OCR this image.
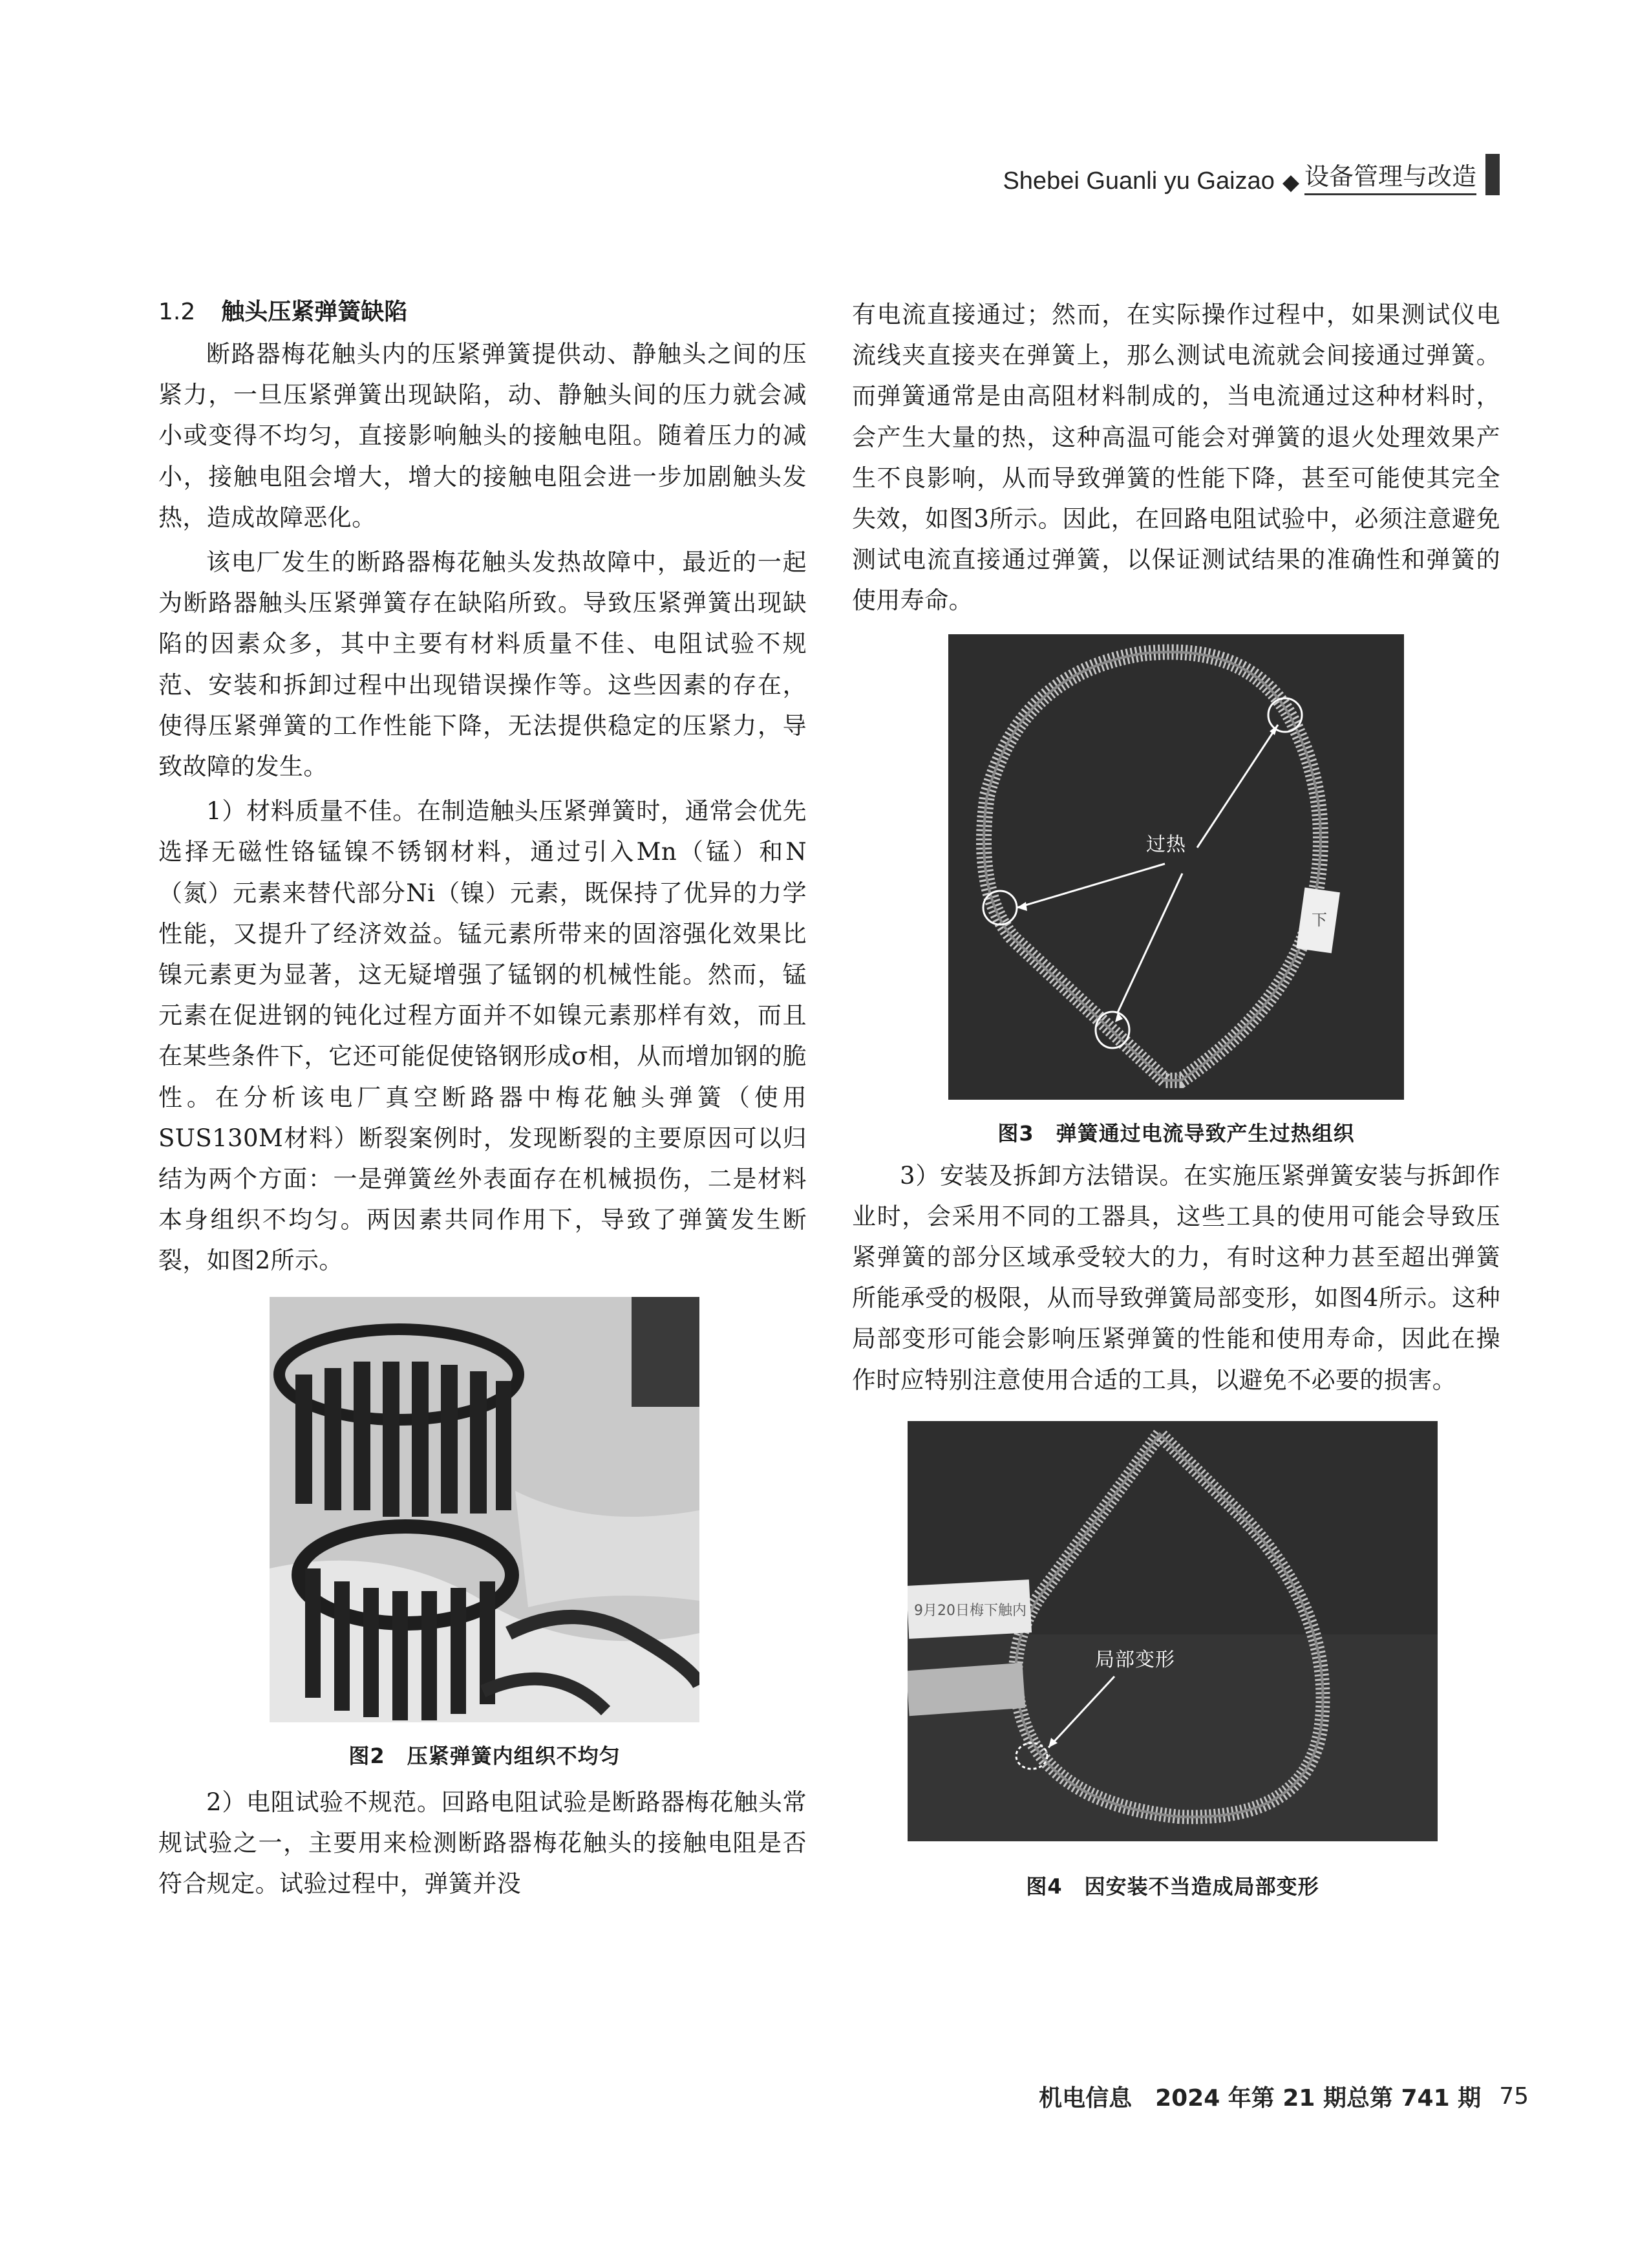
Shebei Guanli yu Gaizao ◆ 设备管理与改造
1.2 触头压紧弹簧缺陷

断路器梅花触头内的压紧弹簧提供动、静触头之间的压紧力，一旦压紧弹簧出现缺陷，动、静触头间的压力就会减小或变得不均匀，直接影响触头的接触电阻。随着压力的减小，接触电阻会增大，增大的接触电阻会进一步加剧触头发热，造成故障恶化。

该电厂发生的断路器梅花触头发热故障中，最近的一起为断路器触头压紧弹簧存在缺陷所致。导致压紧弹簧出现缺陷的因素众多，其中主要有材料质量不佳、电阻试验不规范、安装和拆卸过程中出现错误操作等。这些因素的存在，使得压紧弹簧的工作性能下降，无法提供稳定的压紧力，导致故障的发生。

1）材料质量不佳。在制造触头压紧弹簧时，通常会优先选择无磁性铬锰镍不锈钢材料，通过引入Mn（锰）和N（氮）元素来替代部分Ni（镍）元素，既保持了优异的力学性能，又提升了经济效益。锰元素所带来的固溶强化效果比镍元素更为显著，这无疑增强了锰钢的机械性能。然而，锰元素在促进钢的钝化过程方面并不如镍元素那样有效，而且在某些条件下，它还可能促使铬钢形成σ相，从而增加钢的脆性。在分析该电厂真空断路器中梅花触头弹簧（使用SUS130M材料）断裂案例时，发现断裂的主要原因可以归结为两个方面：一是弹簧丝外表面存在机械损伤，二是材料本身组织不均匀。两因素共同作用下，导致了弹簧发生断裂，如图2所示。

图2 压紧弹簧内组织不均匀

2）电阻试验不规范。回路电阻试验是断路器梅花触头常规试验之一，主要用来检测断路器梅花触头的接触电阻是否符合规定。试验过程中，弹簧并没

有电流直接通过；然而，在实际操作过程中，如果测试仪电流线夹直接夹在弹簧上，那么测试电流就会间接通过弹簧。而弹簧通常是由高阻材料制成的，当电流通过这种材料时，会产生大量的热，这种高温可能会对弹簧的退火处理效果产生不良影响，从而导致弹簧的性能下降，甚至可能使其完全失效，如图3所示。因此，在回路电阻试验中，必须注意避免测试电流直接通过弹簧，以保证测试结果的准确性和弹簧的使用寿命。

下
过热
图3 弹簧通过电流导致产生过热组织

3）安装及拆卸方法错误。在实施压紧弹簧安装与拆卸作业时，会采用不同的工器具，这些工具的使用可能会导致压紧弹簧的部分区域承受较大的力，有时这种力甚至超出弹簧所能承受的极限，从而导致弹簧局部变形，如图4所示。这种局部变形可能会影响压紧弹簧的性能和使用寿命，因此在操作时应特别注意使用合适的工具，以避免不必要的损害。

9月20日梅下触内
局部变形
图4 因安装不当造成局部变形
机电信息 2024 年第 21 期总第 741 期 75
